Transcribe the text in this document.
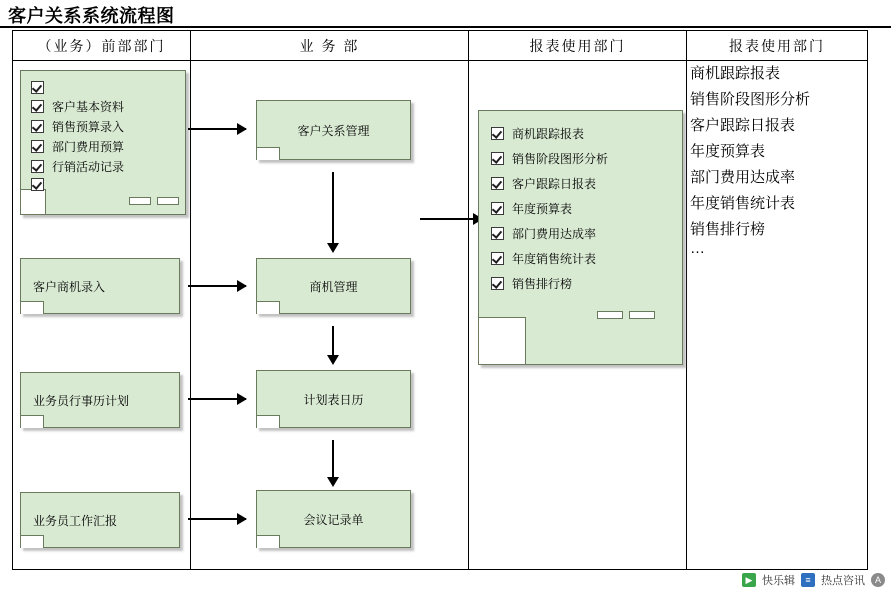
客户关系系统流程图
（业务）前部部门	业 务 部	报表使用部门	报表使用部门
客户基本资料
销售预算录入
部门费用预算
行销活动记录
客户商机录入
业务员行事历计划
业务员工作汇报
客户关系管理
商机管理
计划表日历
会议记录单
商机跟踪报表
销售阶段图形分析
客户跟踪日报表
年度预算表
部门费用达成率
年度销售统计表
销售排行榜
商机跟踪报表
销售阶段图形分析
客户跟踪日报表
年度预算表
部门费用达成率
年度销售统计表
销售排行榜
…
▶ 快乐辑	≡ 热点咨讯	A
